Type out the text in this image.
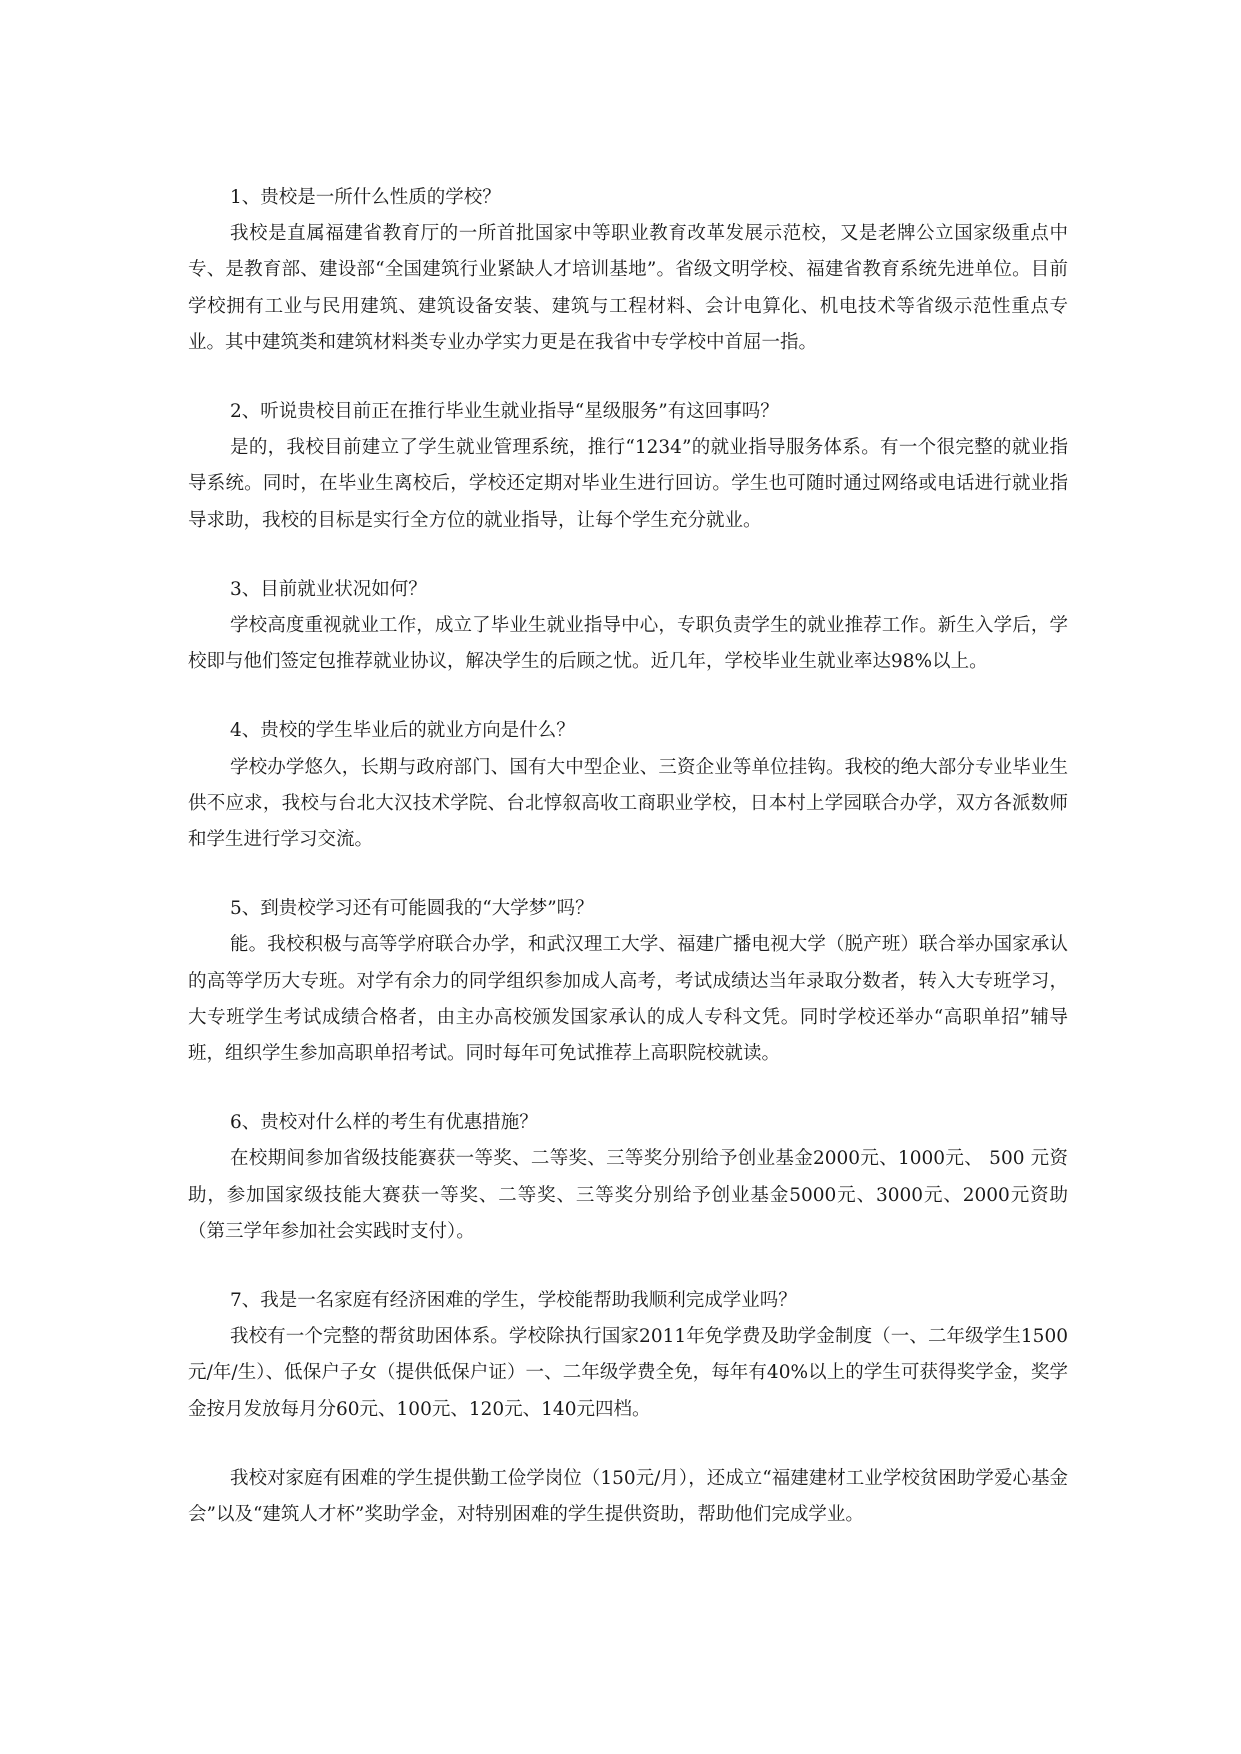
1、贵校是一所什么性质的学校？

我校是直属福建省教育厅的一所首批国家中等职业教育改革发展示范校，又是老牌公立国家级重点中专、是教育部、建设部“全国建筑行业紧缺人才培训基地”。省级文明学校、福建省教育系统先进单位。目前学校拥有工业与民用建筑、建筑设备安装、建筑与工程材料、会计电算化、机电技术等省级示范性重点专业。其中建筑类和建筑材料类专业办学实力更是在我省中专学校中首屈一指。

2、听说贵校目前正在推行毕业生就业指导“星级服务”有这回事吗？

是的，我校目前建立了学生就业管理系统，推行“1234”的就业指导服务体系。有一个很完整的就业指导系统。同时，在毕业生离校后，学校还定期对毕业生进行回访。学生也可随时通过网络或电话进行就业指导求助，我校的目标是实行全方位的就业指导，让每个学生充分就业。

3、目前就业状况如何？

学校高度重视就业工作，成立了毕业生就业指导中心，专职负责学生的就业推荐工作。新生入学后，学校即与他们签定包推荐就业协议，解决学生的后顾之忧。近几年，学校毕业生就业率达98%以上。

4、贵校的学生毕业后的就业方向是什么？

学校办学悠久，长期与政府部门、国有大中型企业、三资企业等单位挂钩。我校的绝大部分专业毕业生供不应求，我校与台北大汉技术学院、台北惇叙高收工商职业学校，日本村上学园联合办学，双方各派数师和学生进行学习交流。

5、到贵校学习还有可能圆我的“大学梦”吗？

能。我校积极与高等学府联合办学，和武汉理工大学、福建广播电视大学（脱产班）联合举办国家承认的高等学历大专班。对学有余力的同学组织参加成人高考，考试成绩达当年录取分数者，转入大专班学习，大专班学生考试成绩合格者，由主办高校颁发国家承认的成人专科文凭。同时学校还举办“高职单招”辅导班，组织学生参加高职单招考试。同时每年可免试推荐上高职院校就读。

6、贵校对什么样的考生有优惠措施？

在校期间参加省级技能赛获一等奖、二等奖、三等奖分别给予创业基金2000元、1000元、 500 元资助，参加国家级技能大赛获一等奖、二等奖、三等奖分别给予创业基金5000元、3000元、2000元资助（第三学年参加社会实践时支付）。

7、我是一名家庭有经济困难的学生，学校能帮助我顺利完成学业吗？

我校有一个完整的帮贫助困体系。学校除执行国家2011年免学费及助学金制度（一、二年级学生1500元/年/生）、低保户子女（提供低保户证）一、二年级学费全免，每年有40%以上的学生可获得奖学金，奖学金按月发放每月分60元、100元、120元、140元四档。

我校对家庭有困难的学生提供勤工俭学岗位（150元/月），还成立“福建建材工业学校贫困助学爱心基金会”以及“建筑人才杯”奖助学金，对特别困难的学生提供资助，帮助他们完成学业。
